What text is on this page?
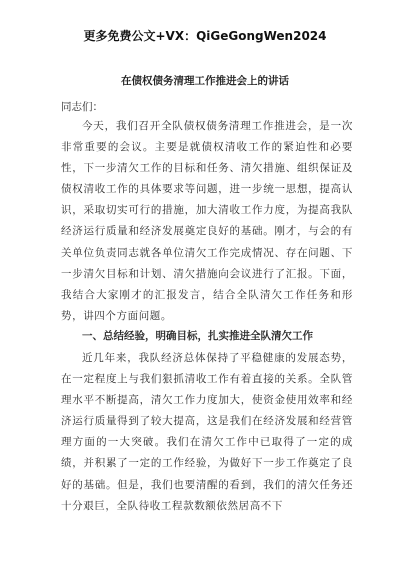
更多免费公文+VX：QiGeGongWen2024
在债权债务清理工作推进会上的讲话
同志们：
今天，我们召开全队债权债务清理工作推进会，是一次非常重要的会议。主要是就债权清收工作的紧迫性和必要性，下一步清欠工作的目标和任务、清欠措施、组织保证及债权清收工作的具体要求等问题，进一步统一思想，提高认识，采取切实可行的措施，加大清收工作力度，为提高我队经济运行质量和经济发展奠定良好的基础。刚才，与会的有关单位负责同志就各单位清欠工作完成情况、存在问题、下一步清欠目标和计划、清欠措施向会议进行了汇报。下面，我结合大家刚才的汇报发言，结合全队清欠工作任务和形势，讲四个方面问题。
一、总结经验，明确目标，扎实推进全队清欠工作
近几年来，我队经济总体保持了平稳健康的发展态势，在一定程度上与我们狠抓清收工作有着直接的关系。全队管理水平不断提高，清欠工作力度加大，使资金使用效率和经济运行质量得到了较大提高，这是我们在经济发展和经营管理方面的一大突破。我们在清欠工作中已取得了一定的成绩，并积累了一定的工作经验，为做好下一步工作奠定了良好的基础。但是，我们也要清醒的看到，我们的清欠任务还十分艰巨，全队待收工程款数额依然居高不下
